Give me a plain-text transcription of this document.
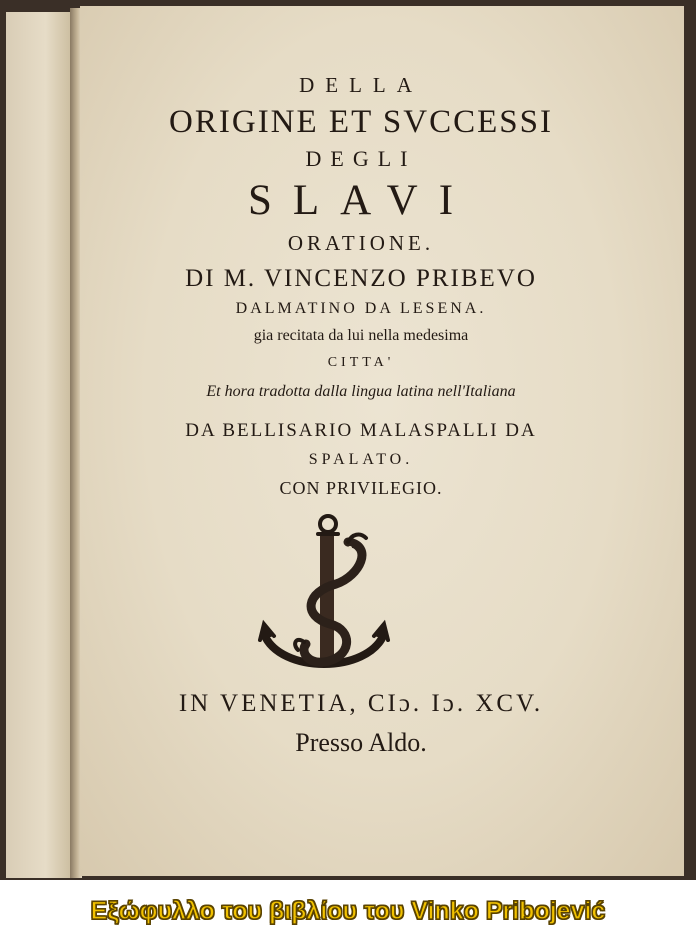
DELLA
ORIGINE ET SVCCESSI
DEGLI
SLAVI
ORATIONE.
DI M. VINCENZO PRIBEVO
DALMATINO DA LESENA.
gia recitata da lui nella medesima
CITTA'
Et hora tradotta dalla lingua latina nell'Italiana
DA BELLISARIO MALASPALLI DA
SPALATO.
CON PRIVILEGIO.
IN VENETIA, CIɔ. Iɔ. XCV.
Presso Aldo.
Εξώφυλλο του βιβλίου του Vinko Pribojević
